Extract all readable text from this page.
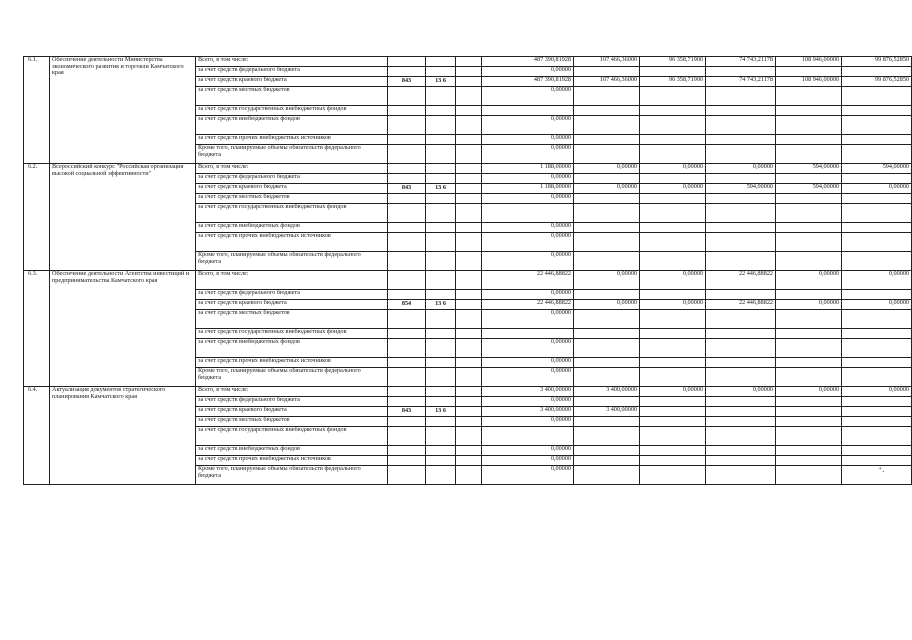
6.1.	Обеспечение деятельности Министерства экономического развития и торговли Камчатского края	Всего, в том числе:				487 390,81928	107 466,36000	96 358,71900	74 743,21178	108 946,00000	99 876,52850
		за счет средств федерального бюджета				0,00000					
		за счет средств краевого бюджета	843	13 6		487 390,81928	107 466,36000	96 358,71900	74 743,21178	108 946,00000	99 876,52850
		за счет средств местных бюджетов				0,00000					
		за счет средств государственных внебюджетных фондов									
		за счет средств внебюджетных фондов				0,00000					
		за счет средств прочих внебюджетных источников				0,00000					
		Кроме того, планируемые объемы обязательств федерального бюджета				0,00000					
6.2.	Всероссийский конкурс "Российская организация высокой социальной эффективности"	Всего, в том числе:				1 188,00000	0,00000	0,00000	0,00000	594,00000	594,00000
		за счет средств федерального бюджета				0,00000					
		за счет средств краевого бюджета	843	13 6		1 188,00000	0,00000	0,00000	594,00000	594,00000	0,00000
		за счет средств местных бюджетов				0,00000					
		за счет средств государственных внебюджетных фондов									
		за счет средств внебюджетных фондов				0,00000					
		за счет средств прочих внебюджетных источников				0,00000					
		Кроме того, планируемые объемы обязательств федерального бюджета				0,00000					
6.3.	Обеспечение деятельности Агентства инвестиций и предпринимательства Камчатского края	Всего, в том числе:				22 446,88822	0,00000	0,00000	22 446,88822	0,00000	0,00000
		за счет средств федерального бюджета				0,00000					
		за счет средств краевого бюджета	854	13 6		22 446,88822	0,00000	0,00000	22 446,88822	0,00000	0,00000
		за счет средств местных бюджетов				0,00000					
		за счет средств государственных внебюджетных фондов									
		за счет средств внебюджетных фондов				0,00000					
		за счет средств прочих внебюджетных источников				0,00000					
		Кроме того, планируемые объемы обязательств федерального бюджета				0,00000					
6.4.	Актуализация документов стратегического планирования Камчатского края	Всего, в том числе:				3 400,00000	3 400,00000	0,00000	0,00000	0,00000	0,00000
		за счет средств федерального бюджета				0,00000					
		за счет средств краевого бюджета	843	13 6		3 400,00000	3 400,00000				
		за счет средств местных бюджетов				0,00000					
		за счет средств государственных внебюджетных фондов									
		за счет средств внебюджетных фондов				0,00000					
		за счет средств прочих внебюджетных источников				0,00000					
		Кроме того, планируемые объемы обязательств федерального бюджета				0,00000						⁺.
